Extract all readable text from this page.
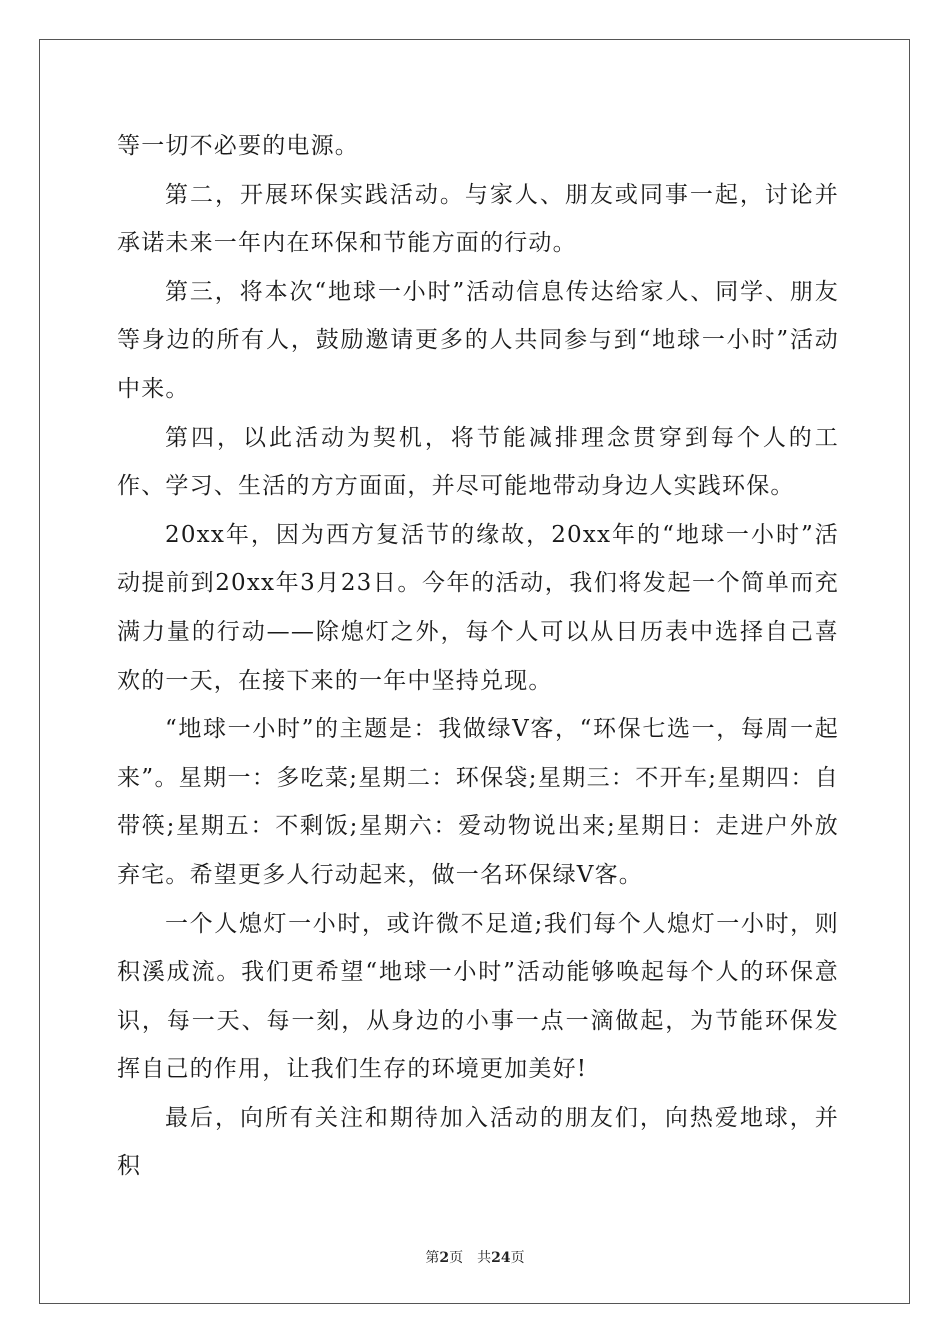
等一切不必要的电源。

第二，开展环保实践活动。与家人、朋友或同事一起，讨论并承诺未来一年内在环保和节能方面的行动。

第三，将本次“地球一小时”活动信息传达给家人、同学、朋友等身边的所有人，鼓励邀请更多的人共同参与到“地球一小时”活动中来。

第四，以此活动为契机，将节能减排理念贯穿到每个人的工作、学习、生活的方方面面，并尽可能地带动身边人实践环保。

20xx年，因为西方复活节的缘故，20xx年的“地球一小时”活动提前到20xx年3月23日。今年的活动，我们将发起一个简单而充满力量的行动——除熄灯之外，每个人可以从日历表中选择自己喜欢的一天，在接下来的一年中坚持兑现。

“地球一小时”的主题是：我做绿V客，“环保七选一，每周一起来”。星期一：多吃菜;星期二：环保袋;星期三：不开车;星期四：自带筷;星期五：不剩饭;星期六：爱动物说出来;星期日：走进户外放弃宅。希望更多人行动起来，做一名环保绿V客。

一个人熄灯一小时，或许微不足道;我们每个人熄灯一小时，则积溪成流。我们更希望“地球一小时”活动能够唤起每个人的环保意识，每一天、每一刻，从身边的小事一点一滴做起，为节能环保发挥自己的作用，让我们生存的环境更加美好!

最后，向所有关注和期待加入活动的朋友们，向热爱地球，并积

第2页 共24页
